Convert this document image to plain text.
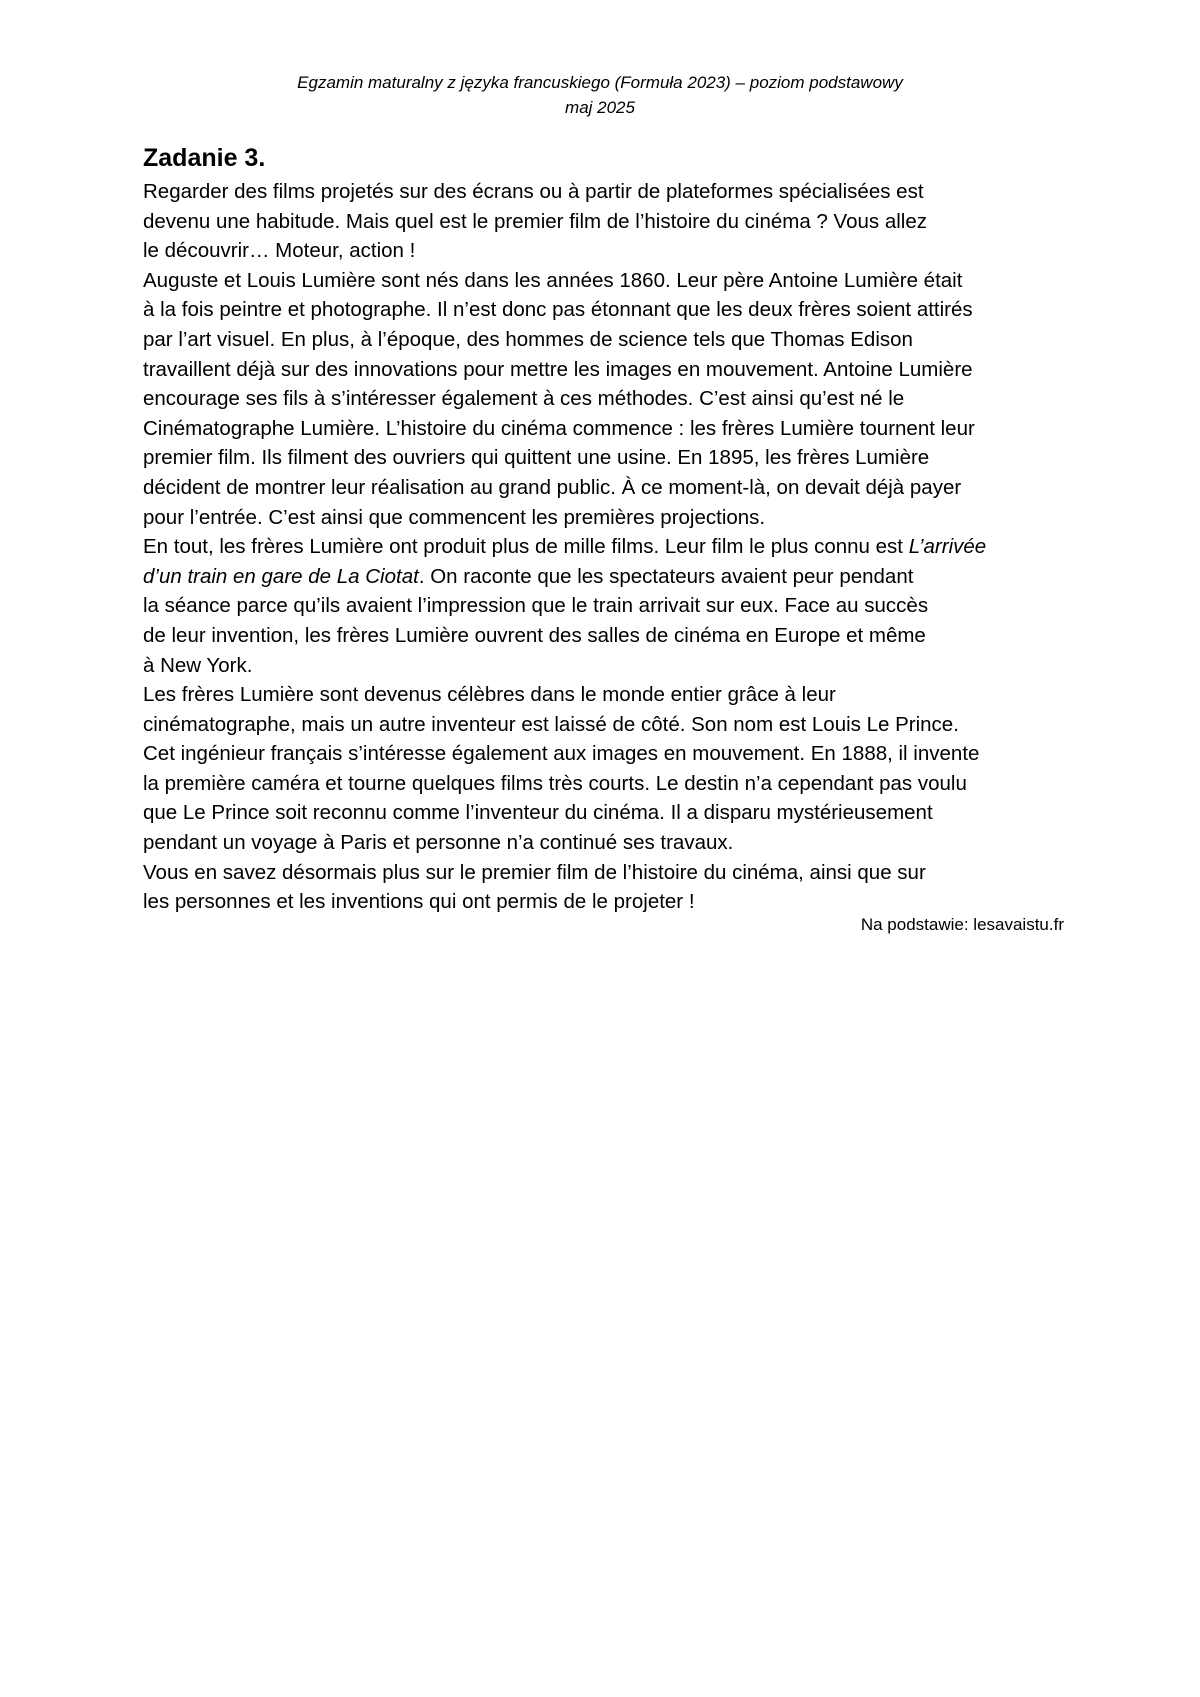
Egzamin maturalny z języka francuskiego (Formuła 2023) – poziom podstawowy
maj 2025
Zadanie 3.
Regarder des films projetés sur des écrans ou à partir de plateformes spécialisées est
devenu une habitude. Mais quel est le premier film de l’histoire du cinéma ? Vous allez
le découvrir… Moteur, action !
Auguste et Louis Lumière sont nés dans les années 1860. Leur père Antoine Lumière était
à la fois peintre et photographe. Il n’est donc pas étonnant que les deux frères soient attirés
par l’art visuel. En plus, à l’époque, des hommes de science tels que Thomas Edison
travaillent déjà sur des innovations pour mettre les images en mouvement. Antoine Lumière
encourage ses fils à s’intéresser également à ces méthodes. C’est ainsi qu’est né le
Cinématographe Lumière. L’histoire du cinéma commence : les frères Lumière tournent leur
premier film. Ils filment des ouvriers qui quittent une usine. En 1895, les frères Lumière
décident de montrer leur réalisation au grand public. À ce moment-là, on devait déjà payer
pour l’entrée. C’est ainsi que commencent les premières projections.
En tout, les frères Lumière ont produit plus de mille films. Leur film le plus connu est L’arrivée
d’un train en gare de La Ciotat. On raconte que les spectateurs avaient peur pendant
la séance parce qu’ils avaient l’impression que le train arrivait sur eux. Face au succès
de leur invention, les frères Lumière ouvrent des salles de cinéma en Europe et même
à New York.
Les frères Lumière sont devenus célèbres dans le monde entier grâce à leur
cinématographe, mais un autre inventeur est laissé de côté. Son nom est Louis Le Prince.
Cet ingénieur français s’intéresse également aux images en mouvement. En 1888, il invente
la première caméra et tourne quelques films très courts. Le destin n’a cependant pas voulu
que Le Prince soit reconnu comme l’inventeur du cinéma. Il a disparu mystérieusement
pendant un voyage à Paris et personne n’a continué ses travaux.
Vous en savez désormais plus sur le premier film de l’histoire du cinéma, ainsi que sur
les personnes et les inventions qui ont permis de le projeter !
Na podstawie: lesavaistu.fr
